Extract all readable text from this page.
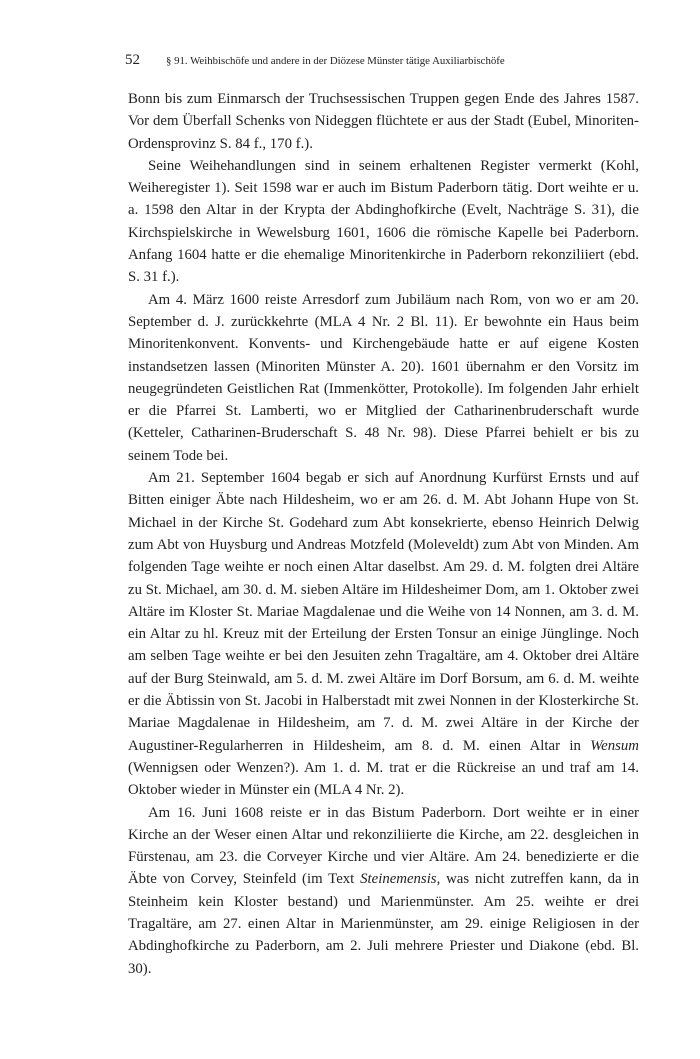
52 § 91. Weihbischöfe und andere in der Diözese Münster tätige Auxiliarbischöfe

Bonn bis zum Einmarsch der Truchsessischen Truppen gegen Ende des Jahres 1587. Vor dem Überfall Schenks von Nideggen flüchtete er aus der Stadt (Eubel, Minoriten-Ordensprovinz S. 84 f., 170 f.).

Seine Weihehandlungen sind in seinem erhaltenen Register vermerkt (Kohl, Weiheregister 1). Seit 1598 war er auch im Bistum Paderborn tätig. Dort weihte er u. a. 1598 den Altar in der Krypta der Abdinghofkirche (Evelt, Nachträge S. 31), die Kirchspielskirche in Wewelsburg 1601, 1606 die römische Kapelle bei Paderborn. Anfang 1604 hatte er die ehemalige Minoritenkirche in Paderborn rekonziliiert (ebd. S. 31 f.).

Am 4. März 1600 reiste Arresdorf zum Jubiläum nach Rom, von wo er am 20. September d. J. zurückkehrte (MLA 4 Nr. 2 Bl. 11). Er bewohnte ein Haus beim Minoritenkonvent. Konvents- und Kirchengebäude hatte er auf eigene Kosten instandsetzen lassen (Minoriten Münster A. 20). 1601 übernahm er den Vorsitz im neugegründeten Geistlichen Rat (Immenkötter, Protokolle). Im folgenden Jahr erhielt er die Pfarrei St. Lamberti, wo er Mitglied der Catharinenbruderschaft wurde (Ketteler, Catharinen-Bruderschaft S. 48 Nr. 98). Diese Pfarrei behielt er bis zu seinem Tode bei.

Am 21. September 1604 begab er sich auf Anordnung Kurfürst Ernsts und auf Bitten einiger Äbte nach Hildesheim, wo er am 26. d. M. Abt Johann Hupe von St. Michael in der Kirche St. Godehard zum Abt konsekrierte, ebenso Heinrich Delwig zum Abt von Huysburg und Andreas Motzfeld (Moleveldt) zum Abt von Minden. Am folgenden Tage weihte er noch einen Altar daselbst. Am 29. d. M. folgten drei Altäre zu St. Michael, am 30. d. M. sieben Altäre im Hildesheimer Dom, am 1. Oktober zwei Altäre im Kloster St. Mariae Magdalenae und die Weihe von 14 Nonnen, am 3. d. M. ein Altar zu hl. Kreuz mit der Erteilung der Ersten Tonsur an einige Jünglinge. Noch am selben Tage weihte er bei den Jesuiten zehn Tragaltäre, am 4. Oktober drei Altäre auf der Burg Steinwald, am 5. d. M. zwei Altäre im Dorf Borsum, am 6. d. M. weihte er die Äbtissin von St. Jacobi in Halberstadt mit zwei Nonnen in der Klosterkirche St. Mariae Magdalenae in Hildesheim, am 7. d. M. zwei Altäre in der Kirche der Augustiner-Regularherren in Hildesheim, am 8. d. M. einen Altar in Wensum (Wennigsen oder Wenzen?). Am 1. d. M. trat er die Rückreise an und traf am 14. Oktober wieder in Münster ein (MLA 4 Nr. 2).

Am 16. Juni 1608 reiste er in das Bistum Paderborn. Dort weihte er in einer Kirche an der Weser einen Altar und rekonziliierte die Kirche, am 22. desgleichen in Fürstenau, am 23. die Corveyer Kirche und vier Altäre. Am 24. benedizierte er die Äbte von Corvey, Steinfeld (im Text Steinemensis, was nicht zutreffen kann, da in Steinheim kein Kloster bestand) und Marienmünster. Am 25. weihte er drei Tragaltäre, am 27. einen Altar in Marienmünster, am 29. einige Religiosen in der Abdinghofkirche zu Paderborn, am 2. Juli mehrere Priester und Diakone (ebd. Bl. 30).
